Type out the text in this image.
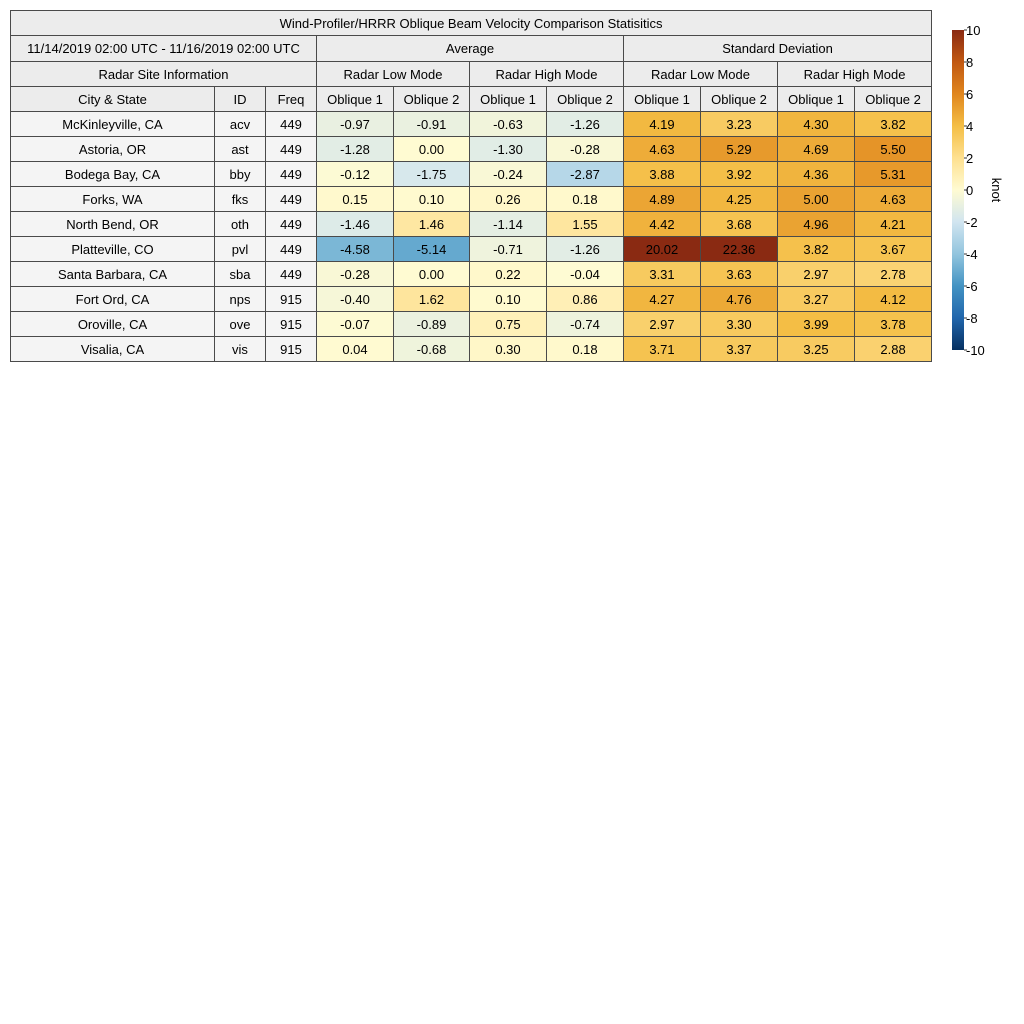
Wind-Profiler/HRRR Oblique Beam Velocity Comparison Statisitics										
11/14/2019 02:00 UTC - 11/16/2019 02:00 UTC			Average				Standard Deviation			
Radar Site Information			Radar Low Mode		Radar High Mode		Radar Low Mode		Radar High Mode	
City & State	ID	Freq	Oblique 1	Oblique 2	Oblique 1	Oblique 2	Oblique 1	Oblique 2	Oblique 1	Oblique 2
McKinleyville, CA	acv	449	-0.97	-0.91	-0.63	-1.26	4.19	3.23	4.30	3.82
Astoria, OR	ast	449	-1.28	0.00	-1.30	-0.28	4.63	5.29	4.69	5.50
Bodega Bay, CA	bby	449	-0.12	-1.75	-0.24	-2.87	3.88	3.92	4.36	5.31
Forks, WA	fks	449	0.15	0.10	0.26	0.18	4.89	4.25	5.00	4.63
North Bend, OR	oth	449	-1.46	1.46	-1.14	1.55	4.42	3.68	4.96	4.21
Platteville, CO	pvl	449	-4.58	-5.14	-0.71	-1.26	20.02	22.36	3.82	3.67
Santa Barbara, CA	sba	449	-0.28	0.00	0.22	-0.04	3.31	3.63	2.97	2.78
Fort Ord, CA	nps	915	-0.40	1.62	0.10	0.86	4.27	4.76	3.27	4.12
Oroville, CA	ove	915	-0.07	-0.89	0.75	-0.74	2.97	3.30	3.99	3.78
Visalia, CA	vis	915	0.04	-0.68	0.30	0.18	3.71	3.37	3.25	2.88
10
8
6
4
2
0
-2
-4
-6
-8
-10
knot
